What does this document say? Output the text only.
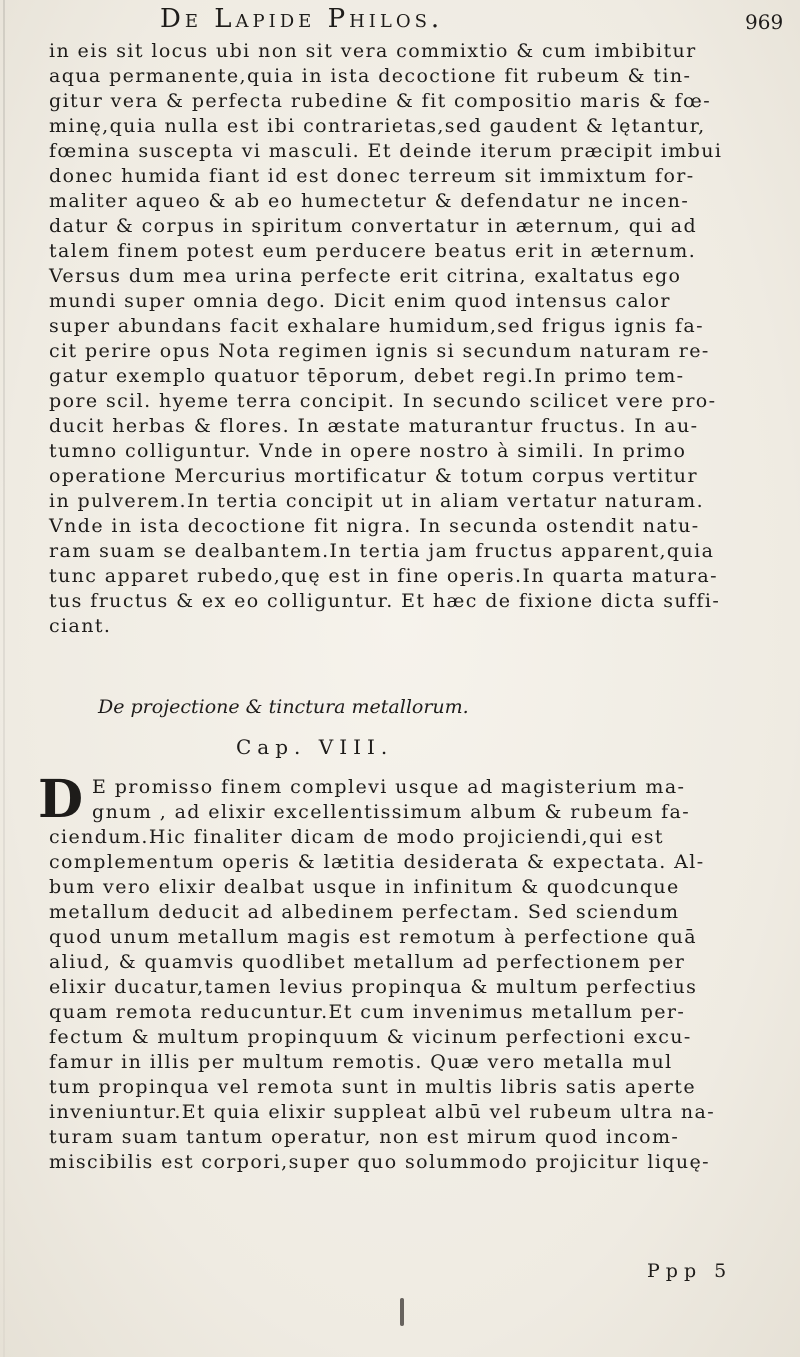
De Lapide Philos.	969
in eis sit locus ubi non sit vera commixtio & cum imbibitur
aqua permanente,quia in ista decoctione fit rubeum & tin-
gitur vera & perfecta rubedine & fit compositio maris & fœ-
minę,quia nulla est ibi contrarietas,sed gaudent & lętantur,
fœmina suscepta vi masculi. Et deinde iterum præcipit imbui
donec humida fiant id est donec terreum sit immixtum for-
maliter aqueo & ab eo humectetur & defendatur ne incen-
datur & corpus in spiritum convertatur in æternum, qui ad
talem finem potest eum perducere beatus erit in æternum.
Versus dum mea urina perfecte erit citrina, exaltatus ego
mundi super omnia dego. Dicit enim quod intensus calor
super abundans facit exhalare humidum,sed frigus ignis fa-
cit perire opus Nota regimen ignis si secundum naturam re-
gatur exemplo quatuor tēporum, debet regi.In primo tem-
pore scil. hyeme terra concipit. In secundo scilicet vere pro-
ducit herbas & flores. In æstate maturantur fructus. In au-
tumno colliguntur. Vnde in opere nostro à simili. In primo
operatione Mercurius mortificatur & totum corpus vertitur
in pulverem.In tertia concipit ut in aliam vertatur naturam.
Vnde in ista decoctione fit nigra. In secunda ostendit natu-
ram suam se dealbantem.In tertia jam fructus apparent,quia
tunc apparet rubedo,quę est in fine operis.In quarta maturа-
tus fructus & ex eo colliguntur. Et hæc de fixione dicta suffi-
ciant.
De projectione & tinctura metallorum.
Cap. VIII.
D E promisso finem complevi usque ad magisterium ma-
gnum , ad elixir excellentissimum album & rubeum fa-
ciendum.Hic finaliter dicam de modo projiciendi,qui est
complementum operis & lætitia desiderata & expectata. Al-
bum vero elixir dealbat usque in infinitum & quodcunque
metallum deducit ad albedinem perfectam. Sed sciendum
quod unum metallum magis est remotum à perfectione quā
aliud, & quamvis quodlibet metallum ad perfectionem per
elixir ducatur,tamen levius propinqua & multum perfectius
quam remota reducuntur.Et cum invenimus metallum per-
fectum & multum propinquum & vicinum perfectioni excu-
famur in illis per multum remotis. Quæ vero metalla mul
tum propinqua vel remota sunt in multis libris satis aperte
inveniuntur.Et quia elixir suppleat albū vel rubeum ultra na-
turam suam tantum operatur, non est mirum quod incom-
miscibilis est corpori,super quo solummodo projicitur liquę-
Ppp 5
